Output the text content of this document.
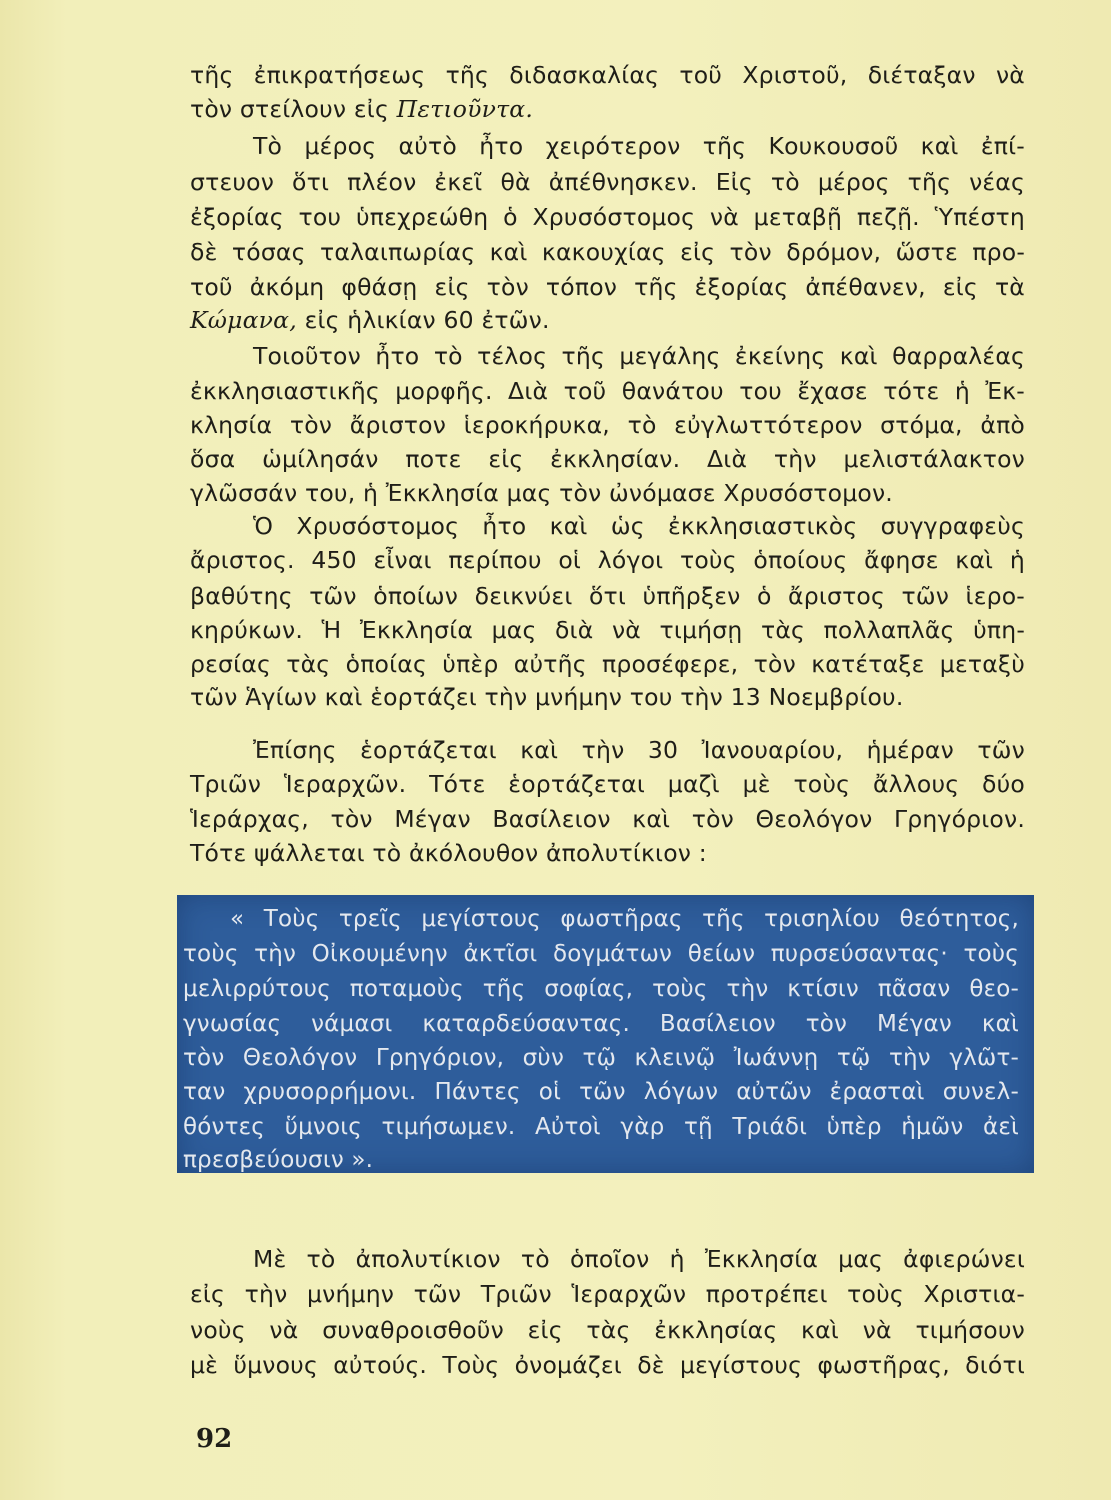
τῆς ἐπικρατήσεως τῆς διδασκαλίας τοῦ Χριστοῦ, διέταξαν νὰ
τὸν στείλουν εἰς Πετιοῦντα.
Τὸ μέρος αὐτὸ ἦτο χειρότερον τῆς Κουκουσοῦ καὶ ἐπί-
στευον ὅτι πλέον ἐκεῖ θὰ ἀπέθνησκεν. Εἰς τὸ μέρος τῆς νέας
ἐξορίας του ὑπεχρεώθη ὁ Χρυσόστομος νὰ μεταβῇ πεζῇ. Ὑπέστη
δὲ τόσας ταλαιπωρίας καὶ κακουχίας εἰς τὸν δρόμον, ὥστε προ-
τοῦ ἀκόμη φθάσῃ εἰς τὸν τόπον τῆς ἐξορίας ἀπέθανεν, εἰς τὰ
Κώμανα, εἰς ἡλικίαν 60 ἐτῶν.
Τοιοῦτον ἦτο τὸ τέλος τῆς μεγάλης ἐκείνης καὶ θαρραλέας
ἐκκλησιαστικῆς μορφῆς. Διὰ τοῦ θανάτου του ἔχασε τότε ἡ Ἐκ-
κλησία τὸν ἄριστον ἱεροκήρυκα, τὸ εὐγλωττότερον στόμα, ἀπὸ
ὅσα ὡμίλησάν ποτε εἰς ἐκκλησίαν. Διὰ τὴν μελιστάλακτον
γλῶσσάν του, ἡ Ἐκκλησία μας τὸν ὠνόμασε Χρυσόστομον.
Ὁ Χρυσόστομος ἦτο καὶ ὡς ἐκκλησιαστικὸς συγγραφεὺς
ἄριστος. 450 εἶναι περίπου οἱ λόγοι τοὺς ὁποίους ἄφησε καὶ ἡ
βαθύτης τῶν ὁποίων δεικνύει ὅτι ὑπῆρξεν ὁ ἄριστος τῶν ἱερο-
κηρύκων. Ἡ Ἐκκλησία μας διὰ νὰ τιμήσῃ τὰς πολλαπλᾶς ὑπη-
ρεσίας τὰς ὁποίας ὑπὲρ αὐτῆς προσέφερε, τὸν κατέταξε μεταξὺ
τῶν Ἁγίων καὶ ἑορτάζει τὴν μνήμην του τὴν 13 Νοεμβρίου.
Ἐπίσης ἑορτάζεται καὶ τὴν 30 Ἰανουαρίου, ἡμέραν τῶν
Τριῶν Ἱεραρχῶν. Τότε ἑορτάζεται μαζὶ μὲ τοὺς ἄλλους δύο
Ἱεράρχας, τὸν Μέγαν Βασίλειον καὶ τὸν Θεολόγον Γρηγόριον.
Τότε ψάλλεται τὸ ἀκόλουθον ἀπολυτίκιον :
« Τοὺς τρεῖς μεγίστους φωστῆρας τῆς τρισηλίου θεότητος,
τοὺς τὴν Οἰκουμένην ἀκτῖσι δογμάτων θείων πυρσεύσαντας· τοὺς
μελιρρύτους ποταμοὺς τῆς σοφίας, τοὺς τὴν κτίσιν πᾶσαν θεο-
γνωσίας νάμασι καταρδεύσαντας. Βασίλειον τὸν Μέγαν καὶ
τὸν Θεολόγον Γρηγόριον, σὺν τῷ κλεινῷ Ἰωάννῃ τῷ τὴν γλῶτ-
ταν χρυσορρήμονι. Πάντες οἱ τῶν λόγων αὐτῶν ἐρασταὶ συνελ-
θόντες ὕμνοις τιμήσωμεν. Αὐτοὶ γὰρ τῇ Τριάδι ὑπὲρ ἡμῶν ἀεὶ
πρεσβεύουσιν ».
Μὲ τὸ ἀπολυτίκιον τὸ ὁποῖον ἡ Ἐκκλησία μας ἀφιερώνει
εἰς τὴν μνήμην τῶν Τριῶν Ἱεραρχῶν προτρέπει τοὺς Χριστια-
νοὺς νὰ συναθροισθοῦν εἰς τὰς ἐκκλησίας καὶ νὰ τιμήσουν
μὲ ὕμνους αὐτούς. Τοὺς ὀνομάζει δὲ μεγίστους φωστῆρας, διότι
92
